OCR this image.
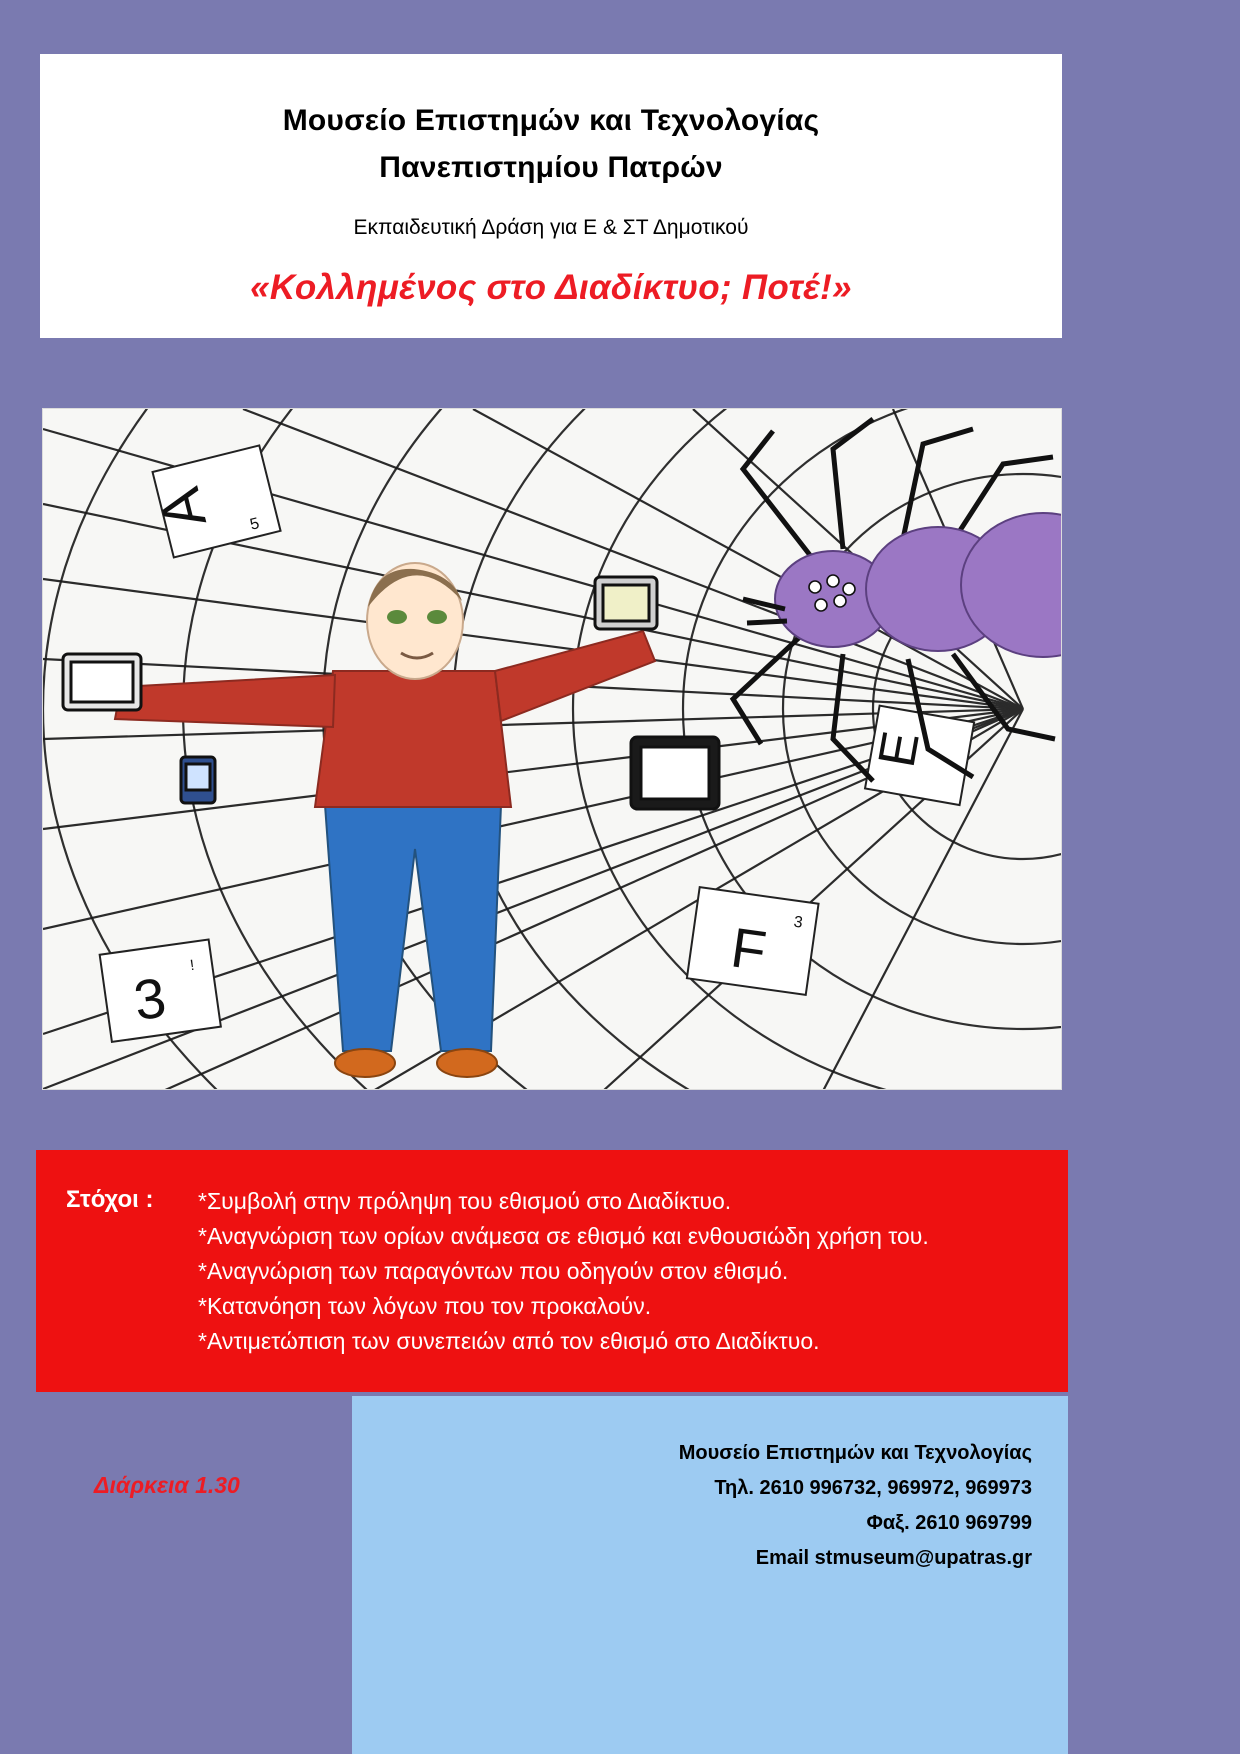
Μουσείο Επιστημών και Τεχνολογίας
Πανεπιστημίου Πατρών
Εκπαιδευτική Δράση για Ε & ΣΤ Δημοτικού
«Κολλημένος στο Διαδίκτυο; Ποτέ!»
A 5
E
3 !	F 3
Στόχοι : *Συμβολή στην πρόληψη του εθισμού στο Διαδίκτυο.
*Αναγνώριση των ορίων ανάμεσα σε εθισμό και ενθουσιώδη χρήση του.
*Αναγνώριση των παραγόντων που οδηγούν στον εθισμό.
*Κατανόηση των λόγων που τον προκαλούν.
*Αντιμετώπιση των συνεπειών από τον εθισμό στο Διαδίκτυο.
Διάρκεια 1.30
Μουσείο Επιστημών και Τεχνολογίας
Τηλ. 2610 996732, 969972, 969973
Φαξ. 2610 969799
Email stmuseum@upatras.gr
